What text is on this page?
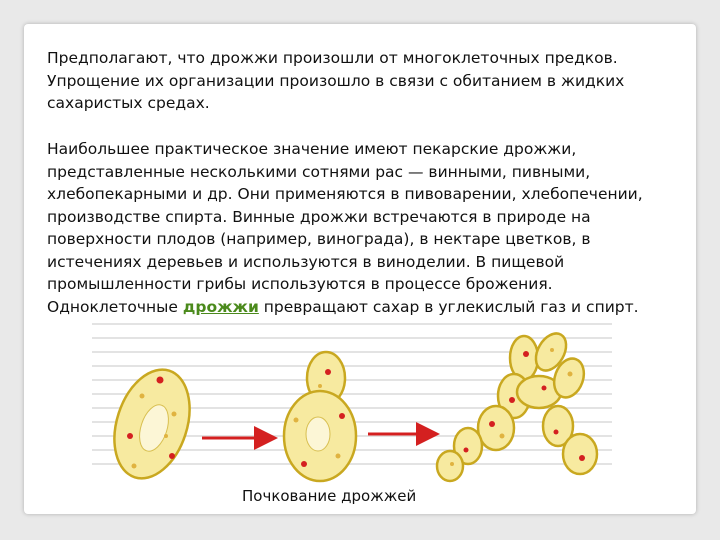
Предполагают, что дрожжи произошли от многоклеточных предков. Упрощение их организации произошло в связи с обитанием в жидких сахаристых средах.

Наибольшее практическое значение имеют пекарские дрожжи, представленные несколькими сотнями рас — винными, пивными, хлебопекарными и др. Они применяются в пивоварении, хлебопечении, производстве спирта. Винные дрожжи встречаются в природе на поверхности плодов (например, винограда), в нектаре цветков, в истечениях деревьев и используются в виноделии. В пищевой промышленности грибы используются в процессе брожения. Одноклеточные дрожжи превращают сахар в углекислый газ и спирт.

Почкование дрожжей
